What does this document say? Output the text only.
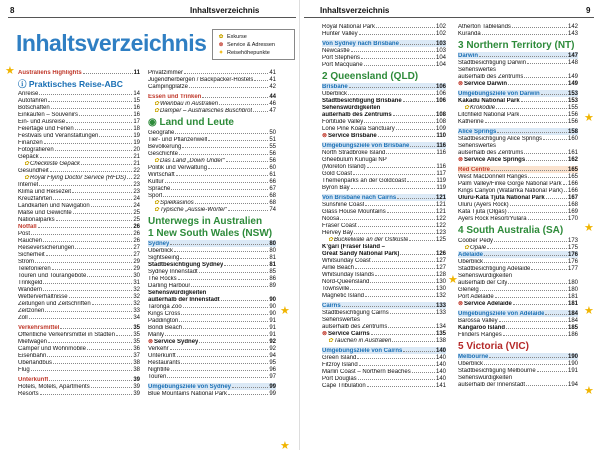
8	Inhaltsverzeichnis
Inhaltsverzeichnis	✿ Exkurse
⊗ Service & Adressen
✦ Reisehöhepunkte
★ Australiens Highlights	11
ⓘ Praktisches Reise-ABC
Anreise	14
Autofahren	15
Botschaften	16
Einkaufen – Souvenirs	16
Ein- und Ausreise	17
Feiertage und Ferien	18
Festivals und Veranstaltungen	19
Finanzen	19
Fotografieren	20
Gepäck	21
✿Checkliste Gepäck	21
Gesundheit	22
✿Royal Flying Doctor Service (RFDS) 22
Internet	23
Klima und Reisezeit	23
Kreuzfahrten	24
Landkarten und Navigation	24
Maße und Gewichte	25
Nationalparks	25
Notfall	26
Post	26
Rauchen	26
Reiseversicherungen	27
Sicherheit	27
Strom	29
Telefonieren	29
Touren und Tourangebote	30
Trinkgeld	31
Wandern	32
Wetterverhältnisse	32
Zeitungen und Zeitschriften	32
Zeitzonen	33
Zoll	34
Verkehrsmittel	35
Öffentliche Verkehrsmittel in Städten	35
Mietwagen	35
Camper und Wohnmobile	36
Eisenbahn	37
Überlandbus	38
Flug	38
Unterkunft	39
Hotels, Motels, Apartments	39
Resorts	39
Privatzimmer	41
Jugendherbergen / Backpacker-Hostels	41
Campingplätze	42
Essen und Trinken	44
✿Weinbau in Australien	46
✿Damper – Australisches Buschbrot	47
◉ Land und Leute
Geografie	50
Tier- und Pflanzenwelt	51
Bevölkerung	55
Geschichte	56
✿Das Land „Down Under“	56
Politik und Verwaltung	60
Wirtschaft	61
Kultur	66
Sprache	67
Sport	68
✿Spielkasinos	68
✿Typische „Aussie-Wörter“	74
Unterwegs in Australien
1 New South Wales (NSW)
Sydney	80
Überblick	80
Sightseeing	81
Stadtbesichtigung Sydney	81
Sydney Innenstadt	85
The Rocks	86
Darling Harbour	89
Sehenswürdigkeiten
außerhalb der Innenstadt	90
Taronga Zoo	90
Kings Cross	90
Paddington	91
Bondi Beach	91
Manly	91
⊗Service Sydney	92
Verkehr	92
Unterkunft	94
Restaurants	95
Nightlife	96
Touren	97
Umgebungsziele von Sydney	99
Blue Mountains National Park	99
★
★
Inhaltsverzeichnis	9
Royal National Park	102
Hunter Valley	102
Von Sydney nach Brisbane	103
Newcastle	103
Port Stephens	104
Port Macquarie	104
2 Queensland (QLD)
Brisbane	106
Überblick	106
Stadtbesichtigung Brisbane	106
Sehenswürdigkeiten
außerhalb des Zentrums	108
Fortitude Valley	108
Lone Pine Koala Sanctuary	109
⊗Service Brisbane	110
Umgebungsziele von Brisbane	116
North Stradbroke Island	116
Gheebulum Kunugai NP
(Moreton Island)	116
Gold Coast	117
Themenparks an der Goldcoast	119
Byron Bay	119
Von Brisbane nach Cairns	121
Sunshine Coast	121
Glass House Mountains	121
Noosa	122
Fraser Coast	122
Hervey Bay	123
✿Buckelwale an der Ostküste	125
K’gari (Fraser Island –
Great Sandy National Park)	126
Whitsunday Coast	127
Airlie Beach	127
Whitsunday Islands	128
Nord-Queensland	130
Townsville	130
Magnetic Island	132
Cairns	133
Stadtbesichtigung Cairns	133
Sehenswertes
außerhalb des Zentrums	134
⊗Service Cairns	135
✿Tauchen in Australien	138
Umgebungsziele von Cairns	140
Green Island	140
Fitzroy Island	140
Marlin Coast – Northern Beaches	140
Port Douglas	140
Cape Tribulation	141
★
Atherton Tablelands	142
Kuranda	143
3 Northern Territory (NT)
Darwin	147
Stadtbesichtigung Darwin	148
Sehenswertes
außerhalb des Zentrums	149
⊗Service Darwin	149
Umgebungsziele von Darwin	153
Kakadu National Park	153
✿Krokodile	155
Litchfield National Park	156
Katherine	156
Alice Springs	158
Stadtbesichtigung Alice Springs	160
Sehenswertes
außerhalb des Zentrums	161
⊗Service Alice Springs	162
Red Centre	165
West MacDonnell Ranges	165
Palm Valley/Finke Gorge National Park 166
Kings Canyon (Watarrka National Park) 166
Uluru-Kata Tjuta National Park	167
Uluru (Ayers Rock)	168
Kata Tjuta (Olgas)	169
Ayers Rock Resort/Yulara	170
4 South Australia (SA)
Coober Pedy	173
✿Opale	175
Adelaide	176
Überblick	176
Stadtbesichtigung Adelaide	177
Sehenswürdigkeiten
außerhalb der City	180
Glenelg	180
Port Adelaide	181
⊗Service Adelaide	181
Umgebungsziele von Adelaide	184
Barossa Valley	184
Kangaroo Island	185
Flinders Ranges	186
5 Victoria (VIC)
Melbourne	190
Überblick	190
Stadtbesichtigung Melbourne	191
Sehenswürdigkeiten
außerhalb der Innenstadt	194
★
★
★
★
